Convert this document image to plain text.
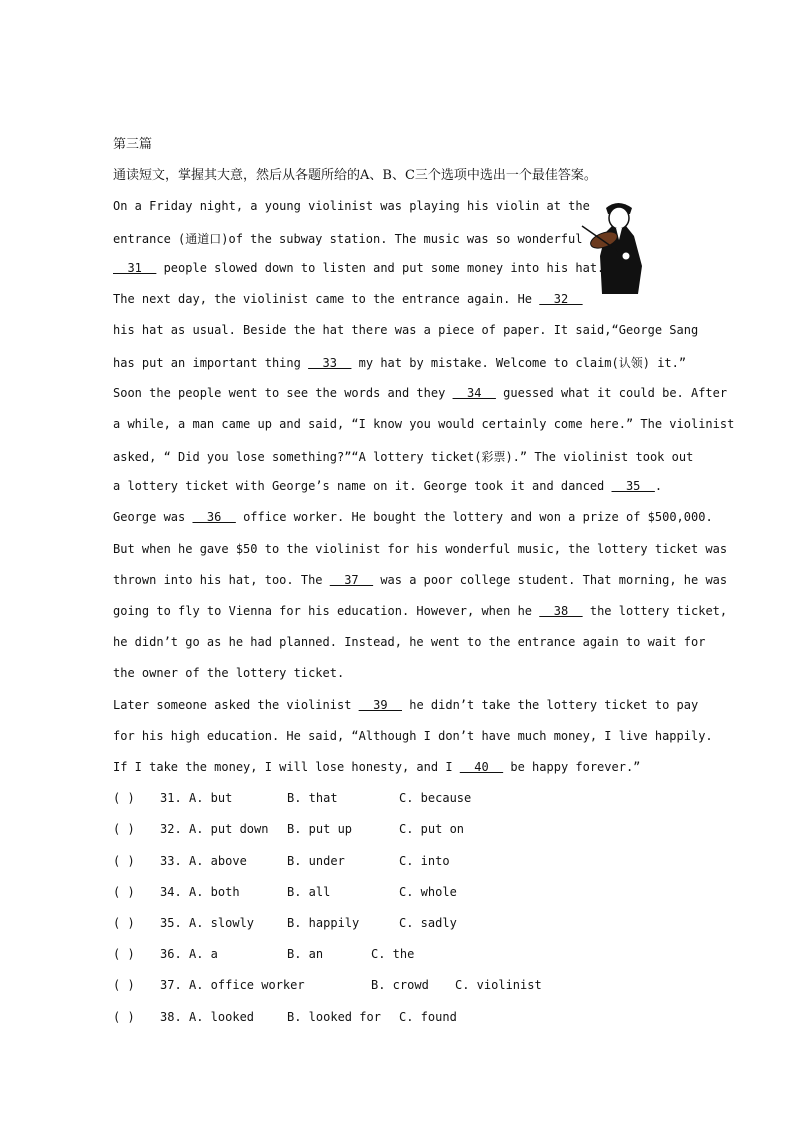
第三篇
通读短文，掌握其大意，然后从各题所给的A、B、C三个选项中选出一个最佳答案。
On a Friday night, a young violinist was playing his violin at the
entrance (通道口)of the subway station. The music was so wonderful
31   people slowed down to listen and put some money into his hat.
The next day, the violinist came to the entrance again. He   32
his hat as usual. Beside the hat there was a piece of paper. It said,“George Sang
has put an important thing   33   my hat by mistake. Welcome to claim(认领) it.”
Soon the people went to see the words and they   34   guessed what it could be. After
a while, a man came up and said, “I know you would certainly come here.” The violinist
asked, “ Did you lose something?”“A lottery ticket(彩票).” The violinist took out
a lottery ticket with George’s name on it. George took it and danced   35  .
George was   36   office worker. He bought the lottery and won a prize of $500,000.
But when he gave $50 to the violinist for his wonderful music, the lottery ticket was
thrown into his hat, too. The   37   was a poor college student. That morning, he was
going to fly to Vienna for his education. However, when he   38   the lottery ticket,
he didn’t go as he had planned. Instead, he went to the entrance again to wait for
the owner of the lottery ticket.
Later someone asked the violinist   39   he didn’t take the lottery ticket to pay
for his high education. He said, “Although I don’t have much money, I live happily.
If I take the money, I will lose honesty, and I   40   be happy forever.”
( ) 31. A. but	B. that	C. because
( ) 32. A. put down B. put up	C. put on
( ) 33. A. above	B. under	C. into
( ) 34. A. both	B. all	C. whole
( ) 35. A. slowly	B. happily	C. sadly
( ) 36. A. a	B. an	C. the
( ) 37. A. office worker	B. crowd C. violinist
( ) 38. A. looked	B. looked for C. found
